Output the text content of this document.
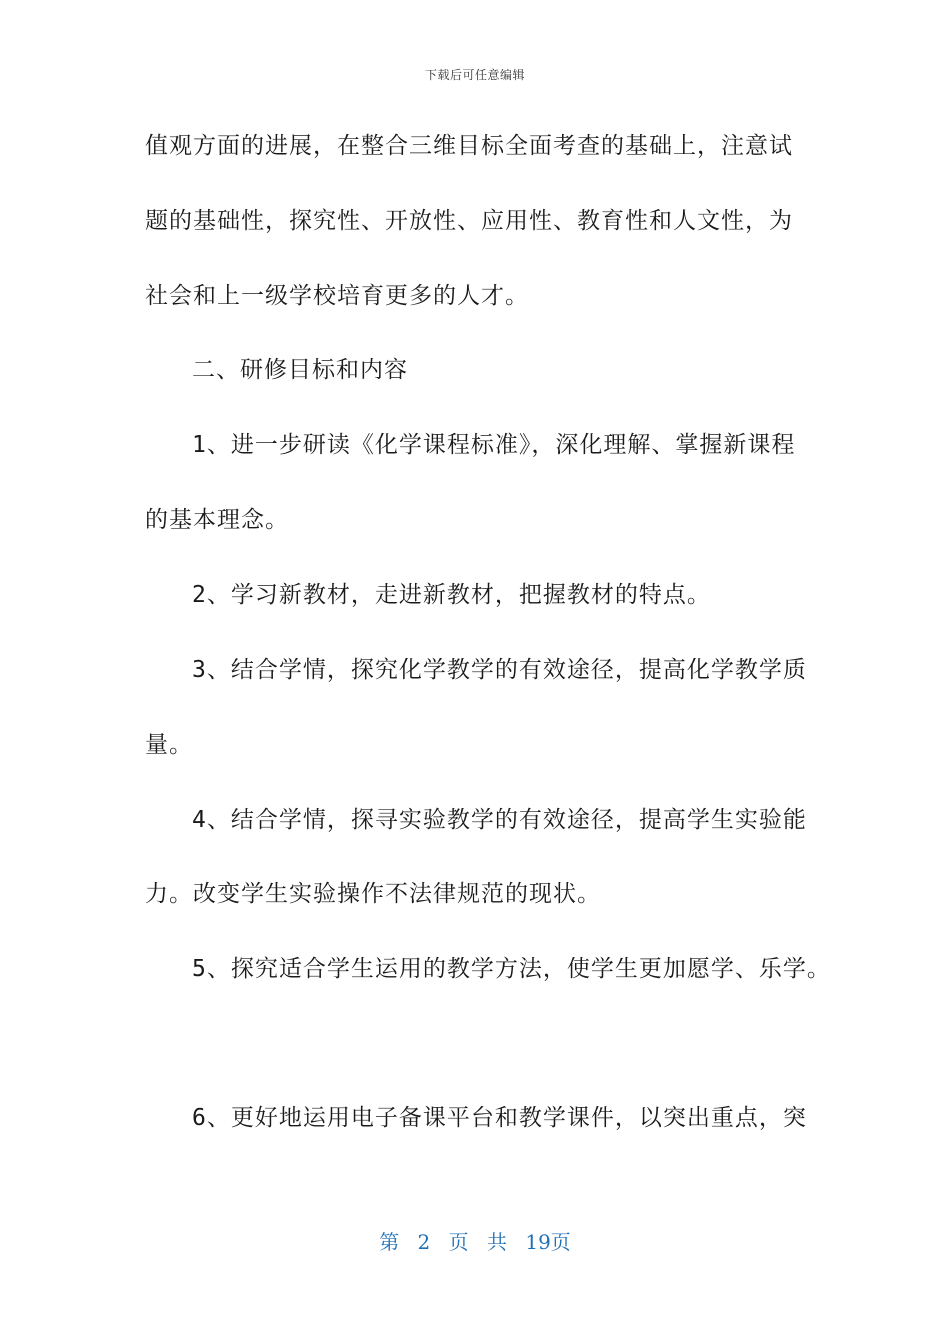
下载后可任意编辑
值观方面的进展，在整合三维目标全面考查的基础上，注意试
题的基础性，探究性、开放性、应用性、教育性和人文性，为
社会和上一级学校培育更多的人才。
二、研修目标和内容
1、进一步研读《化学课程标准》，深化理解、掌握新课程
的基本理念。
2、学习新教材，走进新教材，把握教材的特点。
3、结合学情，探究化学教学的有效途径，提高化学教学质
量。
4、结合学情，探寻实验教学的有效途径，提高学生实验能
力。改变学生实验操作不法律规范的现状。
5、探究适合学生运用的教学方法，使学生更加愿学、乐学。
6、更好地运用电子备课平台和教学课件，以突出重点，突
第 2 页 共 19页
